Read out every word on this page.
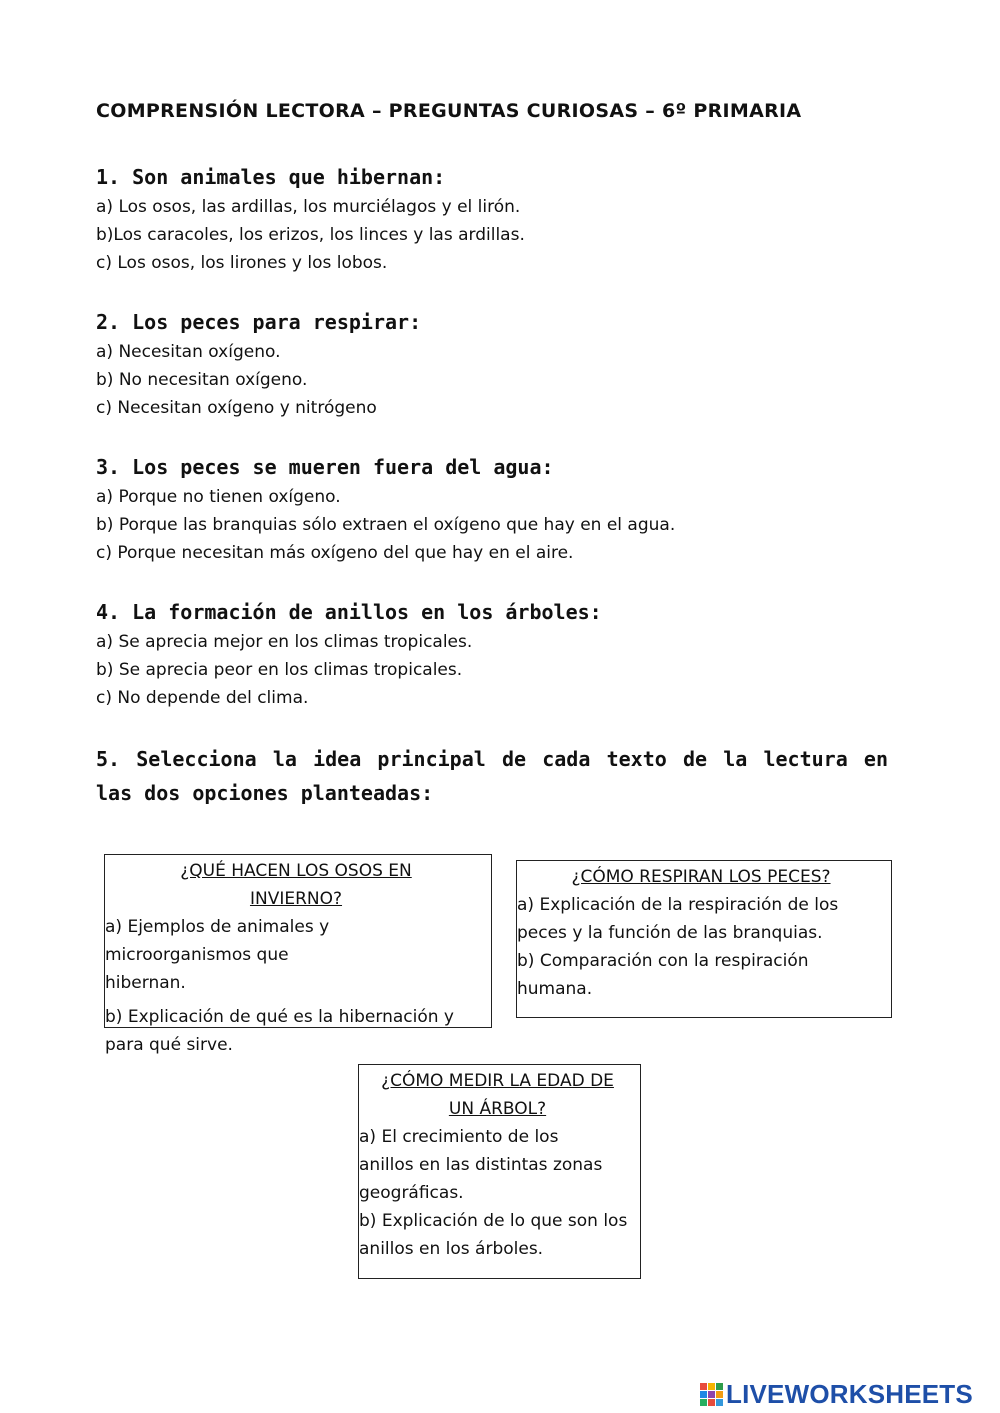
COMPRENSIÓN LECTORA – PREGUNTAS CURIOSAS – 6º PRIMARIA

1. Son animales que hibernan:

a) Los osos, las ardillas, los murciélagos y el lirón.

b)Los caracoles, los erizos, los linces y las ardillas.

c) Los osos, los lirones y los lobos.

2. Los peces para respirar:

a) Necesitan oxígeno.

b) No necesitan oxígeno.

c) Necesitan oxígeno y nitrógeno

3. Los peces se mueren fuera del agua:

a) Porque no tienen oxígeno.

b) Porque las branquias sólo extraen el oxígeno que hay en el agua.

c) Porque necesitan más oxígeno del que hay en el aire.

4. La formación de anillos en los árboles:

a) Se aprecia mejor en los climas tropicales.

b) Se aprecia peor en los climas tropicales.

c) No depende del clima.

5. Selecciona la idea principal de cada texto de la lectura en las dos opciones planteadas:

¿QUÉ HACEN LOS OSOS EN INVIERNO?

a) Ejemplos de animales y microorganismos que hibernan.

b) Explicación de qué es la hibernación y para qué sirve.

¿CÓMO RESPIRAN LOS PECES?

a) Explicación de la respiración de los peces y la función de las branquias.

b) Comparación con la respiración humana.

¿CÓMO MEDIR LA EDAD DE UN ÁRBOL?

a) El crecimiento de los anillos en las distintas zonas geográficas.

b) Explicación de lo que son los anillos en los árboles.

LIVEWORKSHEETS
